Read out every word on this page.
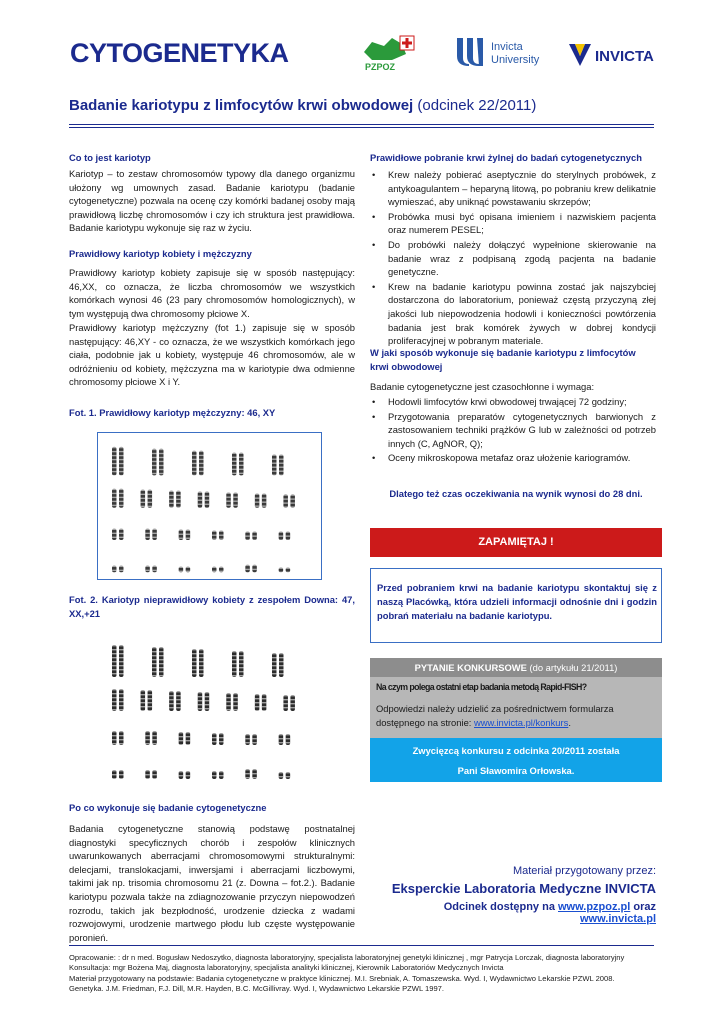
CYTOGENETYKA	PZPOZ
Invicta
University	INVICTA
Badanie kariotypu z limfocytów krwi obwodowej (odcinek 22/2011)
Co to jest kariotyp
Kariotyp – to zestaw chromosomów typowy dla danego organizmu ułożony wg umownych zasad. Badanie kariotypu (badanie cytogenetyczne) pozwala na ocenę czy komórki badanej osoby mają prawidłową liczbę chromosomów i czy ich struktura jest prawidłowa. Badanie kariotypu wykonuje się raz w życiu.
Prawidłowy kariotyp kobiety i mężczyzny
Prawidłowy kariotyp kobiety zapisuje się w sposób następujący: 46,XX, co oznacza, że liczba chromosomów we wszystkich komórkach wynosi 46 (23 pary chromosomów homologicznych), w tym występują dwa chromosomy płciowe X.
Prawidłowy kariotyp mężczyzny (fot 1.) zapisuje się w sposób następujący: 46,XY - co oznacza, że we wszystkich komórkach jego ciała, podobnie jak u kobiety, występuje 46 chromosomów, ale w odróżnieniu od kobiety, mężczyzna ma w kariotypie dwa odmienne chromosomy płciowe X i Y.
Fot. 1. Prawidłowy kariotyp mężczyzny: 46, XY
Fot. 2. Kariotyp nieprawidłowy kobiety z zespołem Downa: 47, XX,+21
Po co wykonuje się badanie cytogenetyczne
Badania cytogenetyczne stanowią podstawę postnatalnej diagnostyki specyficznych chorób i zespołów klinicznych uwarunkowanych aberracjami chromosomowymi strukturalnymi: delecjami, translokacjami, inwersjami i aberracjami liczbowymi, takimi jak np. trisomia chromosomu 21 (z. Downa – fot.2.). Badanie kariotypu pozwala także na zdiagnozowanie przyczyn niepowodzeń rozrodu, takich jak bezpłodność, urodzenie dziecka z wadami rozwojowymi, urodzenie martwego płodu lub częste występowanie poronień.
Prawidłowe pobranie krwi żylnej do badań cytogenetycznych
• Krew należy pobierać aseptycznie do sterylnych probówek, z antykoagulantem – heparyną litową, po pobraniu krew delikatnie wymieszać, aby uniknąć powstawaniu skrzepów;
• Probówka musi być opisana imieniem i nazwiskiem pacjenta oraz numerem PESEL;
• Do probówki należy dołączyć wypełnione skierowanie na badanie wraz z podpisaną zgodą pacjenta na badanie genetyczne.
• Krew na badanie kariotypu powinna zostać jak najszybciej dostarczona do laboratorium, ponieważ częstą przyczyną złej jakości lub niepowodzenia hodowli i konieczności powtórzenia badania jest brak komórek żywych w dobrej kondycji proliferacyjnej w pobranym materiale.
W jaki sposób wykonuje się badanie kariotypu z limfocytów krwi obwodowej
Badanie cytogenetyczne jest czasochłonne i wymaga:
• Hodowli limfocytów krwi obwodowej trwającej 72 godziny;
• Przygotowania preparatów cytogenetycznych barwionych z zastosowaniem techniki prążków G lub w zależności od potrzeb innych (C, AgNOR, Q);
• Oceny mikroskopowa metafaz oraz ułożenie kariogramów.
Dlatego też czas oczekiwania na wynik wynosi do 28 dni.
ZAPAMIĘTAJ !
Przed pobraniem krwi na badanie kariotypu skontaktuj się z naszą Placówką, która udzieli informacji odnośnie dni i godzin pobrań materiału na badanie kariotypu.
PYTANIE KONKURSOWE (do artykułu 21/2011)
Na czym polega ostatni etap badania metodą Rapid-FISH?
Odpowiedzi należy udzielić za pośrednictwem formularza dostępnego na stronie: www.invicta.pl/konkurs.
Zwycięzcą konkursu z odcinka 20/2011 została
Pani Sławomira Orłowska.
Materiał przygotowany przez:
Eksperckie Laboratoria Medyczne INVICTA
Odcinek dostępny na www.pzpoz.pl oraz www.invicta.pl
Opracowanie: : dr n med. Bogusław Nedoszytko, diagnosta laboratoryjny, specjalista laboratoryjnej genetyki klinicznej , mgr Patrycja Lorczak, diagnosta laboratoryjny
Konsultacja: mgr Bożena Maj, diagnosta laboratoryjny, specjalista analityki klinicznej, Kierownik Laboratoriów Medycznych Invicta
Materiał przygotowany na podstawie: Badania cytogenetyczne w praktyce klinicznej. M.I. Srebniak, A. Tomaszewska. Wyd. I, Wydawnictwo Lekarskie PZWL 2008.
Genetyka. J.M. Friedman, F.J. Dill, M.R. Hayden, B.C. McGillivray. Wyd. I, Wydawnictwo Lekarskie PZWL 1997.
